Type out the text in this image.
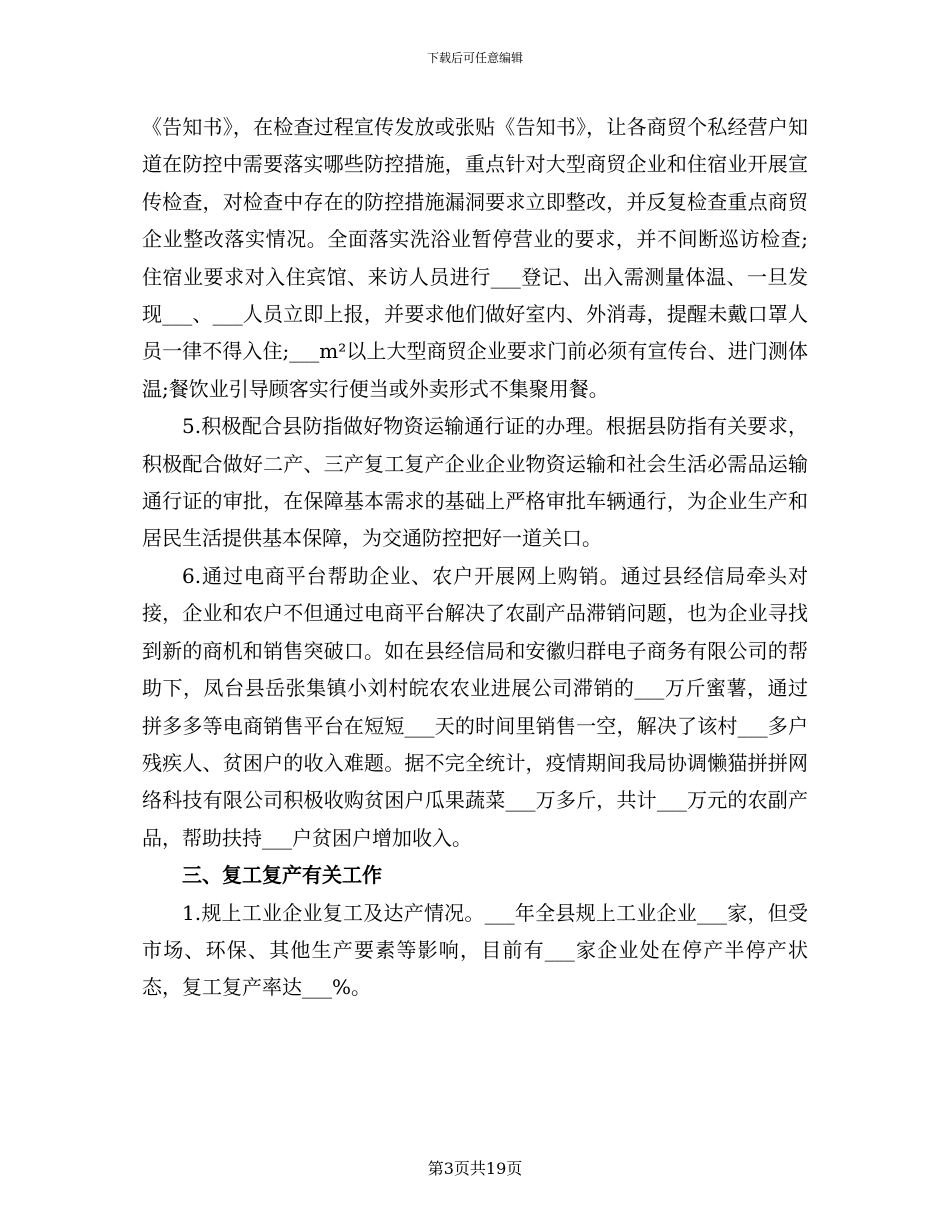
下载后可任意编辑

《告知书》，在检查过程宣传发放或张贴《告知书》，让各商贸个私经营户知道在防控中需要落实哪些防控措施，重点针对大型商贸企业和住宿业开展宣传检查，对检查中存在的防控措施漏洞要求立即整改，并反复检查重点商贸企业整改落实情况。全面落实洗浴业暂停营业的要求，并不间断巡访检查;住宿业要求对入住宾馆、来访人员进行___登记、出入需测量体温、一旦发现___、___人员立即上报，并要求他们做好室内、外消毒，提醒未戴口罩人员一律不得入住;___m²以上大型商贸企业要求门前必须有宣传台、进门测体温;餐饮业引导顾客实行便当或外卖形式不集聚用餐。

5.积极配合县防指做好物资运输通行证的办理。根据县防指有关要求，积极配合做好二产、三产复工复产企业企业物资运输和社会生活必需品运输通行证的审批，在保障基本需求的基础上严格审批车辆通行，为企业生产和居民生活提供基本保障，为交通防控把好一道关口。

6.通过电商平台帮助企业、农户开展网上购销。通过县经信局牵头对接，企业和农户不但通过电商平台解决了农副产品滞销问题，也为企业寻找到新的商机和销售突破口。如在县经信局和安徽归群电子商务有限公司的帮助下，凤台县岳张集镇小刘村皖农农业进展公司滞销的___万斤蜜薯，通过拼多多等电商销售平台在短短___天的时间里销售一空，解决了该村___多户残疾人、贫困户的收入难题。据不完全统计，疫情期间我局协调懒猫拼拼网络科技有限公司积极收购贫困户瓜果蔬菜___万多斤，共计___万元的农副产品，帮助扶持___户贫困户增加收入。

三、复工复产有关工作

1.规上工业企业复工及达产情况。___年全县规上工业企业___家，但受市场、环保、其他生产要素等影响，目前有___家企业处在停产半停产状态，复工复产率达___%。

第3页共19页
